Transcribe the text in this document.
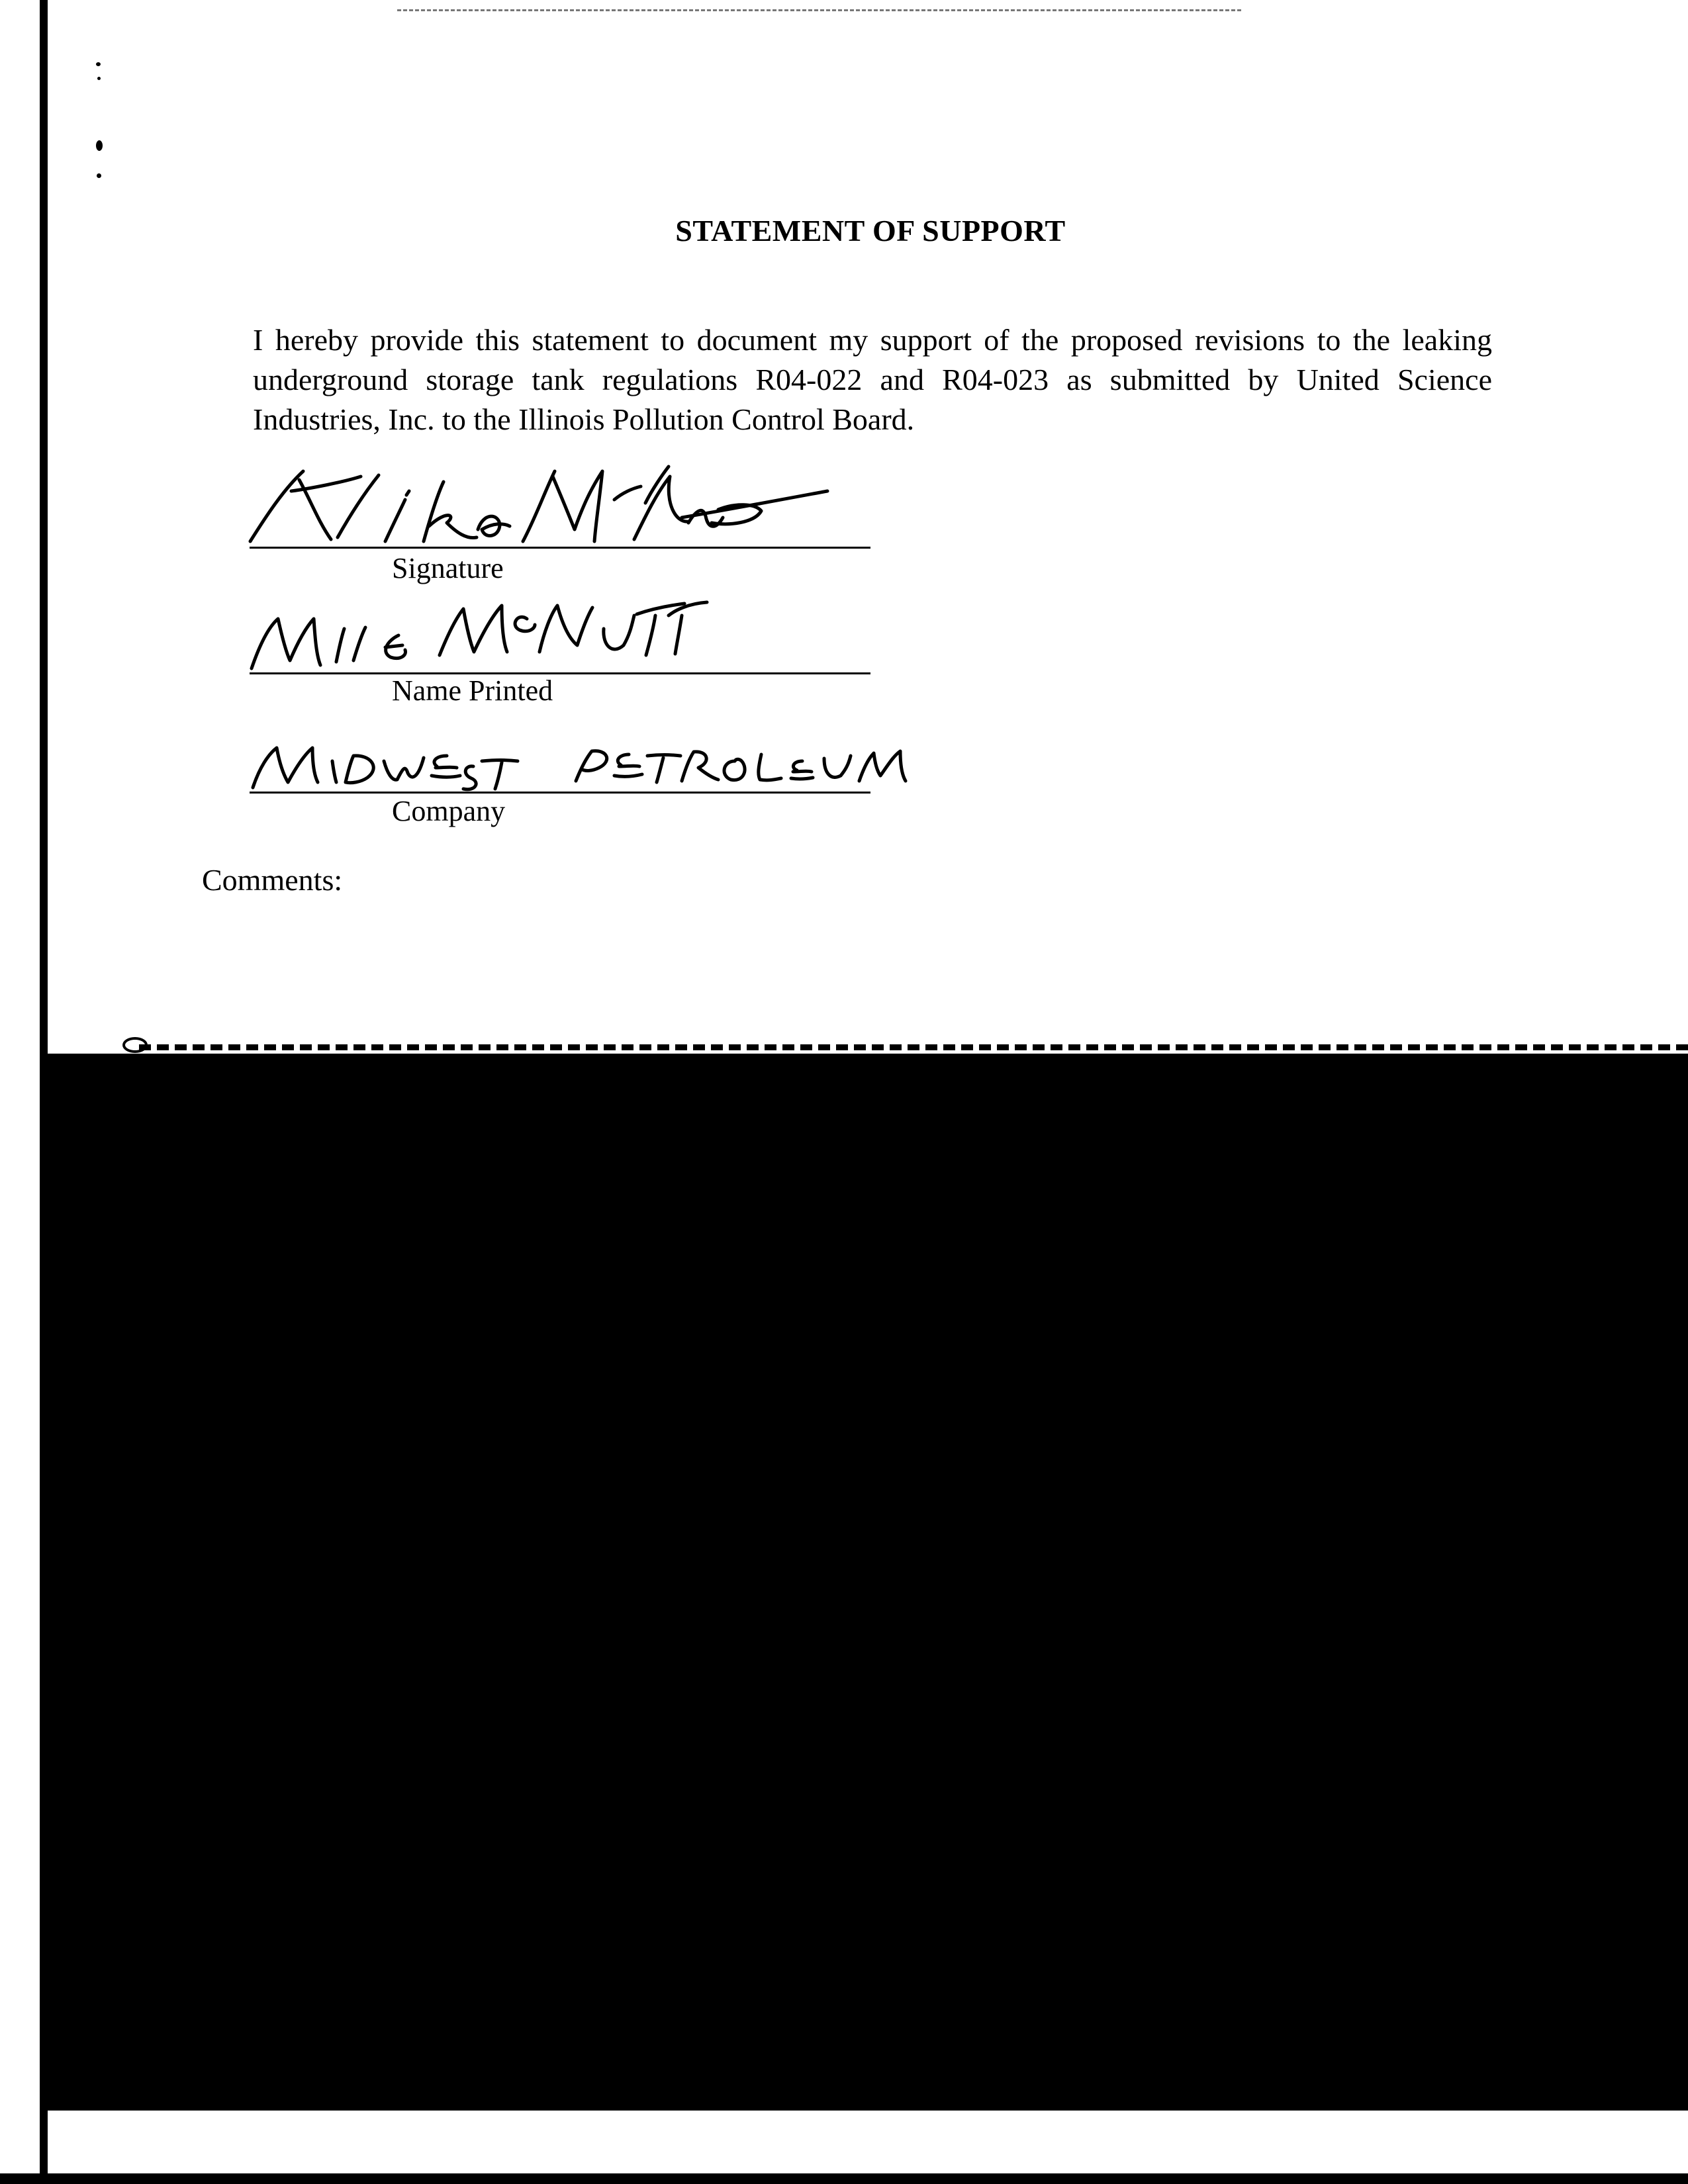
STATEMENT OF SUPPORT
I hereby provide this statement to document my support of the proposed revisions to the leaking underground storage tank regulations R04-022 and R04-023 as submitted by United Science Industries, Inc. to the Illinois Pollution Control Board.
Signature
Name Printed
Company
Comments:
